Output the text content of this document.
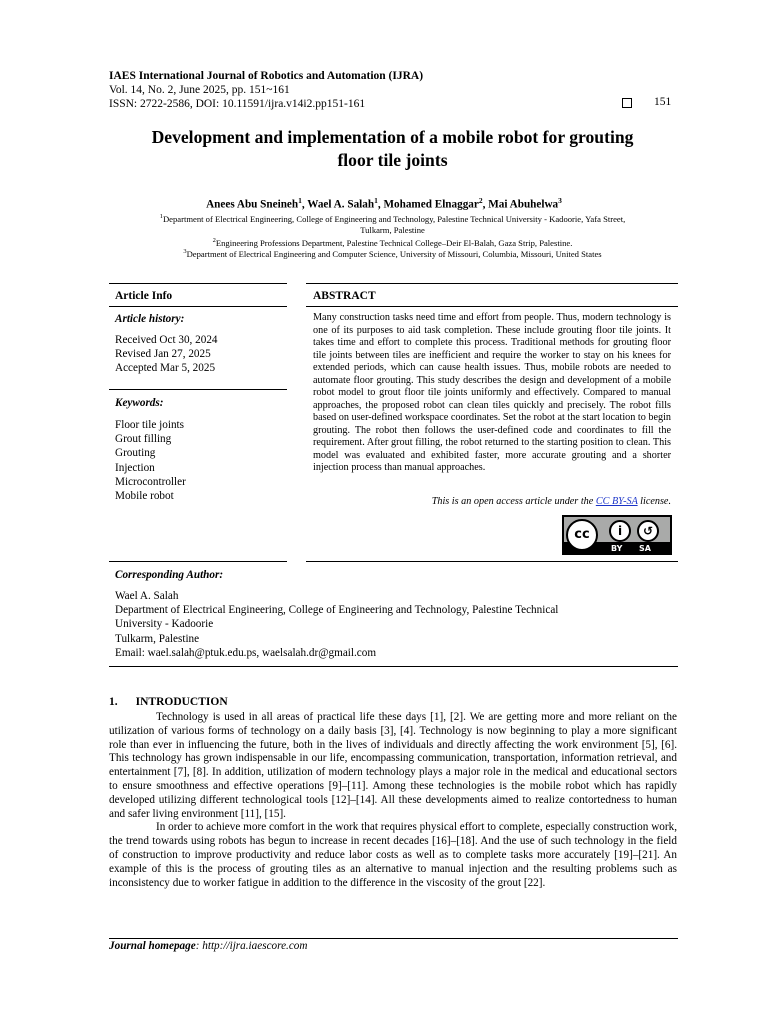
IAES International Journal of Robotics and Automation (IJRA)
Vol. 14, No. 2, June 2025, pp. 151~161
ISSN: 2722-2586, DOI: 10.11591/ijra.v14i2.pp151-161	151
Development and implementation of a mobile robot for grouting
floor tile joints
Anees Abu Sneineh$^1$, Wael A. Salah$^1$, Mohamed Elnaggar$^2$, Mai Abuhelwa$^3$
$^1$Department of Electrical Engineering, College of Engineering and Technology, Palestine Technical University - Kadoorie, Yafa Street,
Tulkarm, Palestine
$^2$Engineering Professions Department, Palestine Technical College–Deir El-Balah, Gaza Strip, Palestine.
$^3$Department of Electrical Engineering and Computer Science, University of Missouri, Columbia, Missouri, United States
Article Info	ABSTRACT
Article history:
Received Oct 30, 2024
Revised Jan 27, 2025
Accepted Mar 5, 2025
Keywords:
Floor tile joints
Grout filling
Grouting
Injection
Microcontroller
Mobile robot
Many construction tasks need time and effort from people. Thus, modern technology is one of its purposes to aid task completion. These include grouting floor tile joints. It takes time and effort to complete this process. Traditional methods for grouting floor tile joints between tiles are inefficient and require the worker to stay on his knees for extended periods, which can cause health issues. Thus, mobile robots are needed to automate floor grouting. This study describes the design and development of a mobile robot model to grout floor tile joints uniformly and effectively. Compared to manual approaches, the proposed robot can clean tiles quickly and precisely. The robot fills based on user-defined workspace coordinates. Set the robot at the start location to begin grouting. The robot then follows the user-defined code and coordinates to fill the requirement. After grout filling, the robot returned to the starting position to clean. This model was evaluated and exhibited faster, more accurate grouting and a shorter injection process than manual approaches.
This is an open access article under the CC BY-SA license.
cc	i	↺
BY SA
Corresponding Author:
Wael A. Salah
Department of Electrical Engineering, College of Engineering and Technology, Palestine Technical
University - Kadoorie
Tulkarm, Palestine
Email: wael.salah@ptuk.edu.ps, waelsalah.dr@gmail.com
1. INTRODUCTION

Technology is used in all areas of practical life these days [1], [2]. We are getting more and more reliant on the utilization of various forms of technology on a daily basis [3], [4]. Technology is now beginning to play a more significant role than ever in influencing the future, both in the lives of individuals and directly affecting the work environment [5], [6]. This technology has grown indispensable in our life, encompassing communication, transportation, information retrieval, and entertainment [7], [8]. In addition, utilization of modern technology plays a major role in the medical and educational sectors to ensure smoothness and effective operations [9]–[11]. Among these technologies is the mobile robot which has rapidly developed utilizing different technological tools [12]–[14]. All these developments aimed to realize contortedness to human and safer living environment [11], [15].

In order to achieve more comfort in the work that requires physical effort to complete, especially construction work, the trend towards using robots has begun to increase in recent decades [16]–[18]. And the use of such technology in the field of construction to improve productivity and reduce labor costs as well as to complete tasks more accurately [19]–[21]. An example of this is the process of grouting tiles as an alternative to manual injection and the resulting problems such as inconsistency due to worker fatigue in addition to the difference in the viscosity of the grout [22].

Journal homepage: http://ijra.iaescore.com
